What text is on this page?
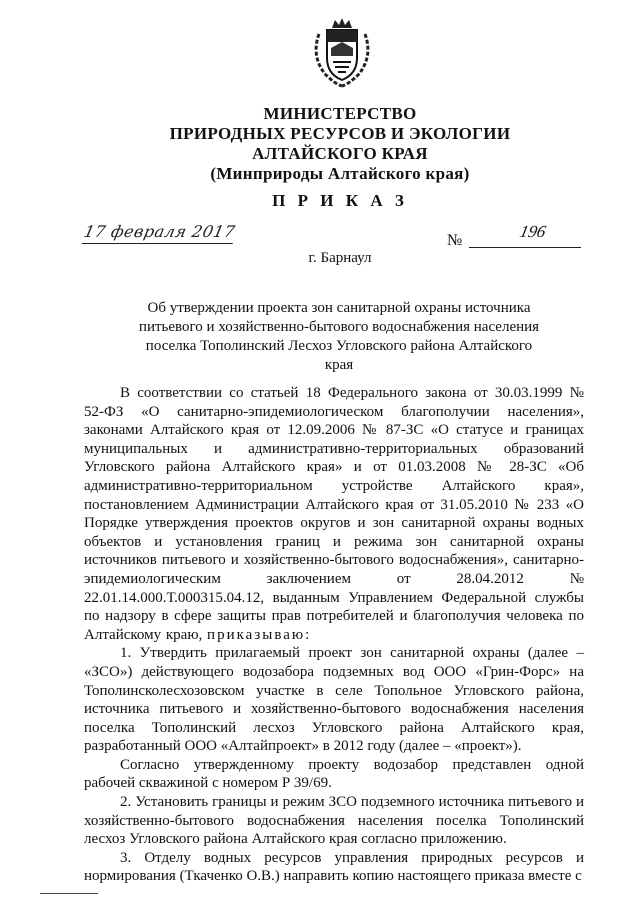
МИНИСТЕРСТВО
ПРИРОДНЫХ РЕСУРСОВ И ЭКОЛОГИИ
АЛТАЙСКОГО КРАЯ
(Минприроды Алтайского края)
П Р И К А З
17 февраля 2017	№	196
г. Барнаул
Об утверждении проекта зон санитарной охраны источника питьевого и хозяйственно-бытового водоснабжения населения поселка Тополинский Лесхоз Угловского района Алтайского края

В соответствии со статьей 18 Федерального закона от 30.03.1999 № 52-ФЗ «О санитарно-эпидемиологическом благополучии населения», законами Алтайского края от 12.09.2006 № 87-ЗС «О статусе и границах муниципальных и административно-территориальных образований Угловского района Алтайского края» и от 01.03.2008 № 28-ЗС «Об административно-территориальном устройстве Алтайского края», постановлением Администрации Алтайского края от 31.05.2010 № 233 «О Порядке утверждения проектов округов и зон санитарной охраны водных объектов и установления границ и режима зон санитарной охраны источников питьевого и хозяйственно-бытового водоснабжения», санитарно-эпидемиологическим заключением от 28.04.2012 № 22.01.14.000.Т.000315.04.12, выданным Управлением Федеральной службы по надзору в сфере защиты прав потребителей и благополучия человека по Алтайскому краю, приказываю:

1. Утвердить прилагаемый проект зон санитарной охраны (далее – «ЗСО») действующего водозабора подземных вод ООО «Грин-Форс» на Тополинсколесхозовском участке в селе Топольное Угловского района, источника питьевого и хозяйственно-бытового водоснабжения населения поселка Тополинский лесхоз Угловского района Алтайского края, разработанный ООО «Алтайпроект» в 2012 году (далее – «проект»).

Согласно утвержденному проекту водозабор представлен одной рабочей скважиной с номером Р 39/69.

2. Установить границы и режим ЗСО подземного источника питьевого и хозяйственно-бытового водоснабжения населения поселка Тополинский лесхоз Угловского района Алтайского края согласно приложению.

3. Отделу водных ресурсов управления природных ресурсов и нормирования (Ткаченко О.В.) направить копию настоящего приказа вместе с
